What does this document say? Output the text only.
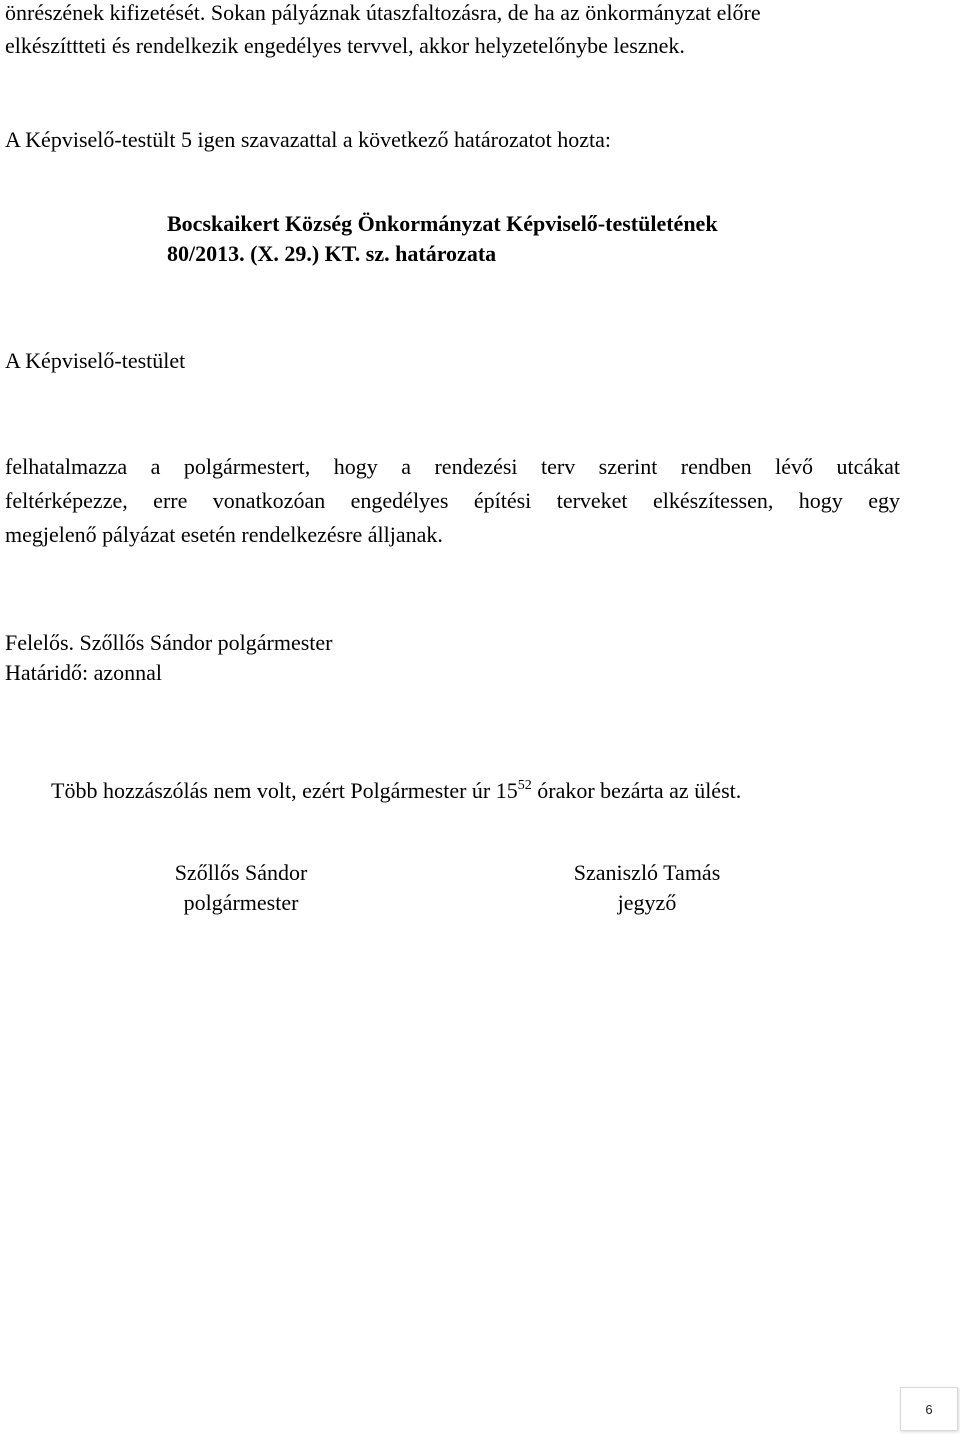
önrészének kifizetését. Sokan pályáznak útaszfaltozásra, de ha az önkormányzat előre
elkészíttteti és rendelkezik engedélyes tervvel, akkor helyzetelőnybe lesznek.
A Képviselő-testült 5 igen szavazattal a következő határozatot hozta:
Bocskaikert Község Önkormányzat Képviselő-testületének
80/2013. (X. 29.) KT. sz. határozata
A Képviselő-testület
felhatalmazza a polgármestert, hogy a rendezési terv szerint rendben lévő utcákat
feltérképezze, erre vonatkozóan engedélyes építési terveket elkészítessen, hogy egy
megjelenő pályázat esetén rendelkezésre álljanak.
Felelős. Szőllős Sándor polgármester
Határidő: azonnal
Több hozzászólás nem volt, ezért Polgármester úr $15^{52}$ órakor bezárta az ülést.
Szőllős Sándor
polgármester
Szaniszló Tamás
jegyző
6
